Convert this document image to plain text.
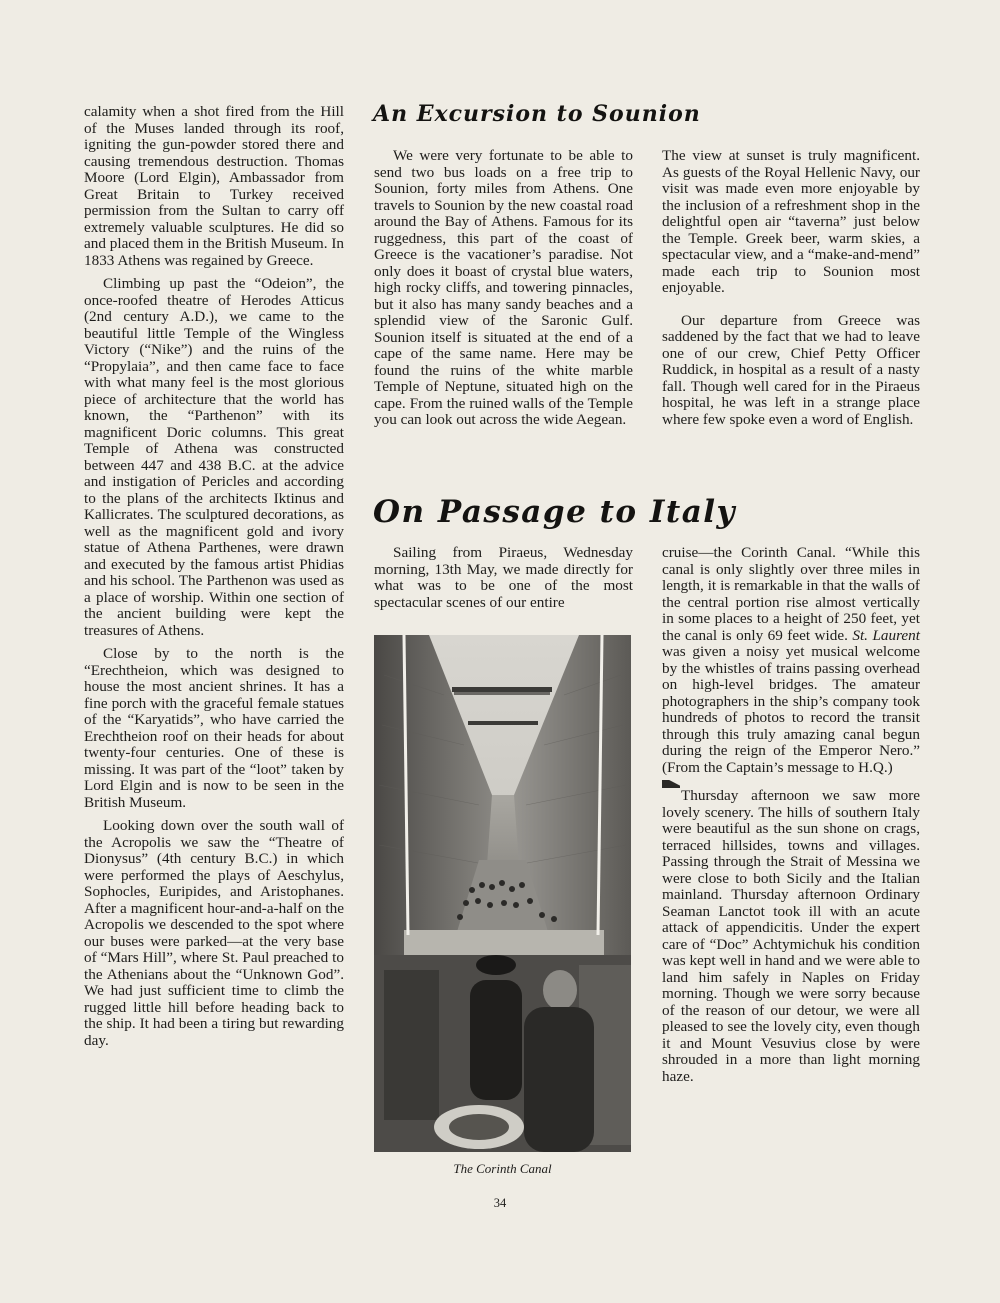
calamity when a shot fired from the Hill of the Muses landed through its roof, igniting the gun-powder stored there and causing tremendous destruction. Thomas Moore (Lord Elgin), Ambassador from Great Britain to Turkey received permission from the Sultan to carry off extremely valuable sculptures. He did so and placed them in the British Museum. In 1833 Athens was regained by Greece.

Climbing up past the “Odeion”, the once-roofed theatre of Herodes Atticus (2nd century A.D.), we came to the beautiful little Temple of the Wingless Victory (“Nike”) and the ruins of the “Propylaia”, and then came face to face with what many feel is the most glorious piece of architecture that the world has known, the “Parthenon” with its magnificent Doric columns. This great Temple of Athena was constructed between 447 and 438 B.C. at the advice and instigation of Pericles and according to the plans of the architects Iktinus and Kallicrates. The sculptured decorations, as well as the magnificent gold and ivory statue of Athena Parthenes, were drawn and executed by the famous artist Phidias and his school. The Parthenon was used as a place of worship. Within one section of the ancient building were kept the treasures of Athens.

Close by to the north is the “Erechtheion, which was designed to house the most ancient shrines. It has a fine porch with the graceful female statues of the “Karyatids”, who have carried the Erechtheion roof on their heads for about twenty-four centuries. One of these is missing. It was part of the “loot” taken by Lord Elgin and is now to be seen in the British Museum.

Looking down over the south wall of the Acropolis we saw the “Theatre of Dionysus” (4th century B.C.) in which were performed the plays of Aeschylus, Sophocles, Euripides, and Aristophanes. After a magnificent hour-and-a-half on the Acropolis we descended to the spot where our buses were parked—at the very base of “Mars Hill”, where St. Paul preached to the Athenians about the “Unknown God”. We had just sufficient time to climb the rugged little hill before heading back to the ship. It had been a tiring but rewarding day.

An Excursion to Sounion

We were very fortunate to be able to send two bus loads on a free trip to Sounion, forty miles from Athens. One travels to Sounion by the new coastal road around the Bay of Athens. Famous for its ruggedness, this part of the coast of Greece is the vacationer’s paradise. Not only does it boast of crystal blue waters, high rocky cliffs, and towering pinnacles, but it also has many sandy beaches and a splendid view of the Saronic Gulf. Sounion itself is situated at the end of a cape of the same name. Here may be found the ruins of the white marble Temple of Neptune, situated high on the cape. From the ruined walls of the Temple you can look out across the wide Aegean.

The view at sunset is truly magnificent. As guests of the Royal Hellenic Navy, our visit was made even more enjoyable by the inclusion of a refreshment shop in the delightful open air “taverna” just below the Temple. Greek beer, warm skies, a spectacular view, and a “make-and-mend” made each trip to Sounion most enjoyable.

Our departure from Greece was saddened by the fact that we had to leave one of our crew, Chief Petty Officer Ruddick, in hospital as a result of a nasty fall. Though well cared for in the Piraeus hospital, he was left in a strange place where few spoke even a word of English.

On Passage to Italy

Sailing from Piraeus, Wednesday morning, 13th May, we made directly for what was to be one of the most spectacular scenes of our entire

cruise—the Corinth Canal. “While this canal is only slightly over three miles in length, it is remarkable in that the walls of the central portion rise almost vertically in some places to a height of 250 feet, yet the canal is only 69 feet wide. St. Laurent was given a noisy yet musical welcome by the whistles of trains passing overhead on high-level bridges. The amateur photographers in the ship’s company took hundreds of photos to record the transit through this truly amazing canal begun during the reign of the Emperor Nero.” (From the Captain’s message to H.Q.)

Thursday afternoon we saw more lovely scenery. The hills of southern Italy were beautiful as the sun shone on crags, terraced hillsides, towns and villages. Passing through the Strait of Messina we were close to both Sicily and the Italian mainland. Thursday afternoon Ordinary Seaman Lanctot took ill with an acute attack of appendicitis. Under the expert care of “Doc” Achtymichuk his condition was kept well in hand and we were able to land him safely in Naples on Friday morning. Though we were sorry because of the reason of our detour, we were all pleased to see the lovely city, even though it and Mount Vesuvius close by were shrouded in a more than light morning haze.

The Corinth Canal
34
